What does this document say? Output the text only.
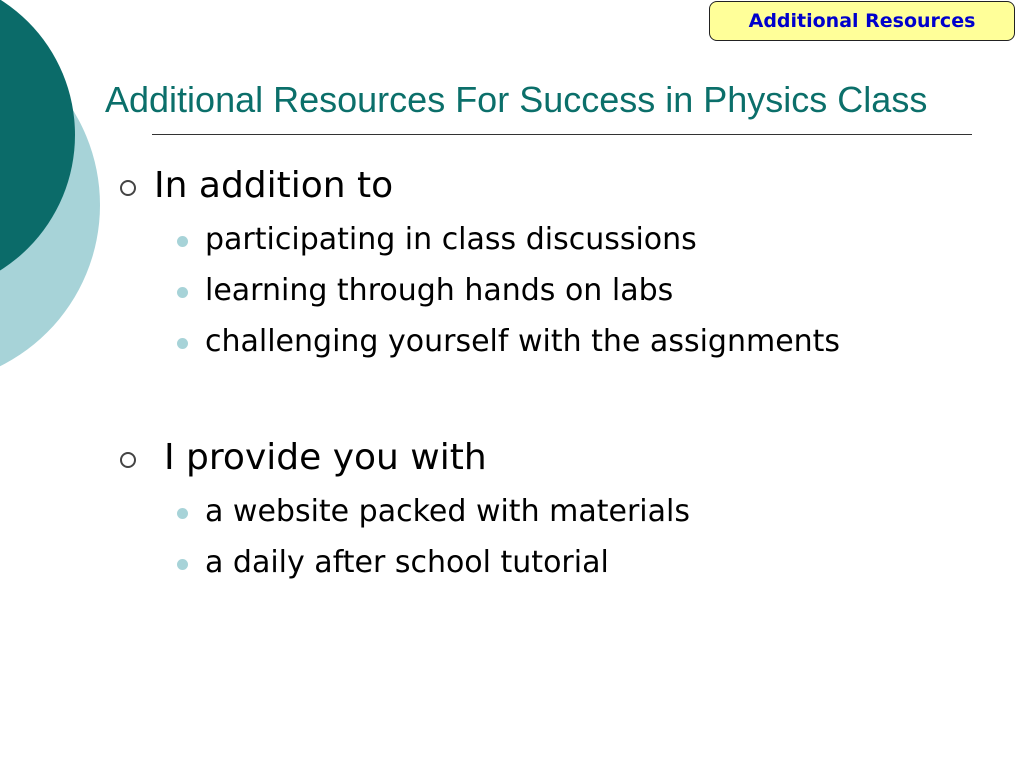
Additional Resources
Additional Resources For Success in Physics Class
In addition to
participating in class discussions
learning through hands on labs
challenging yourself with the assignments
I provide you with
a website packed with materials
a daily after school tutorial
